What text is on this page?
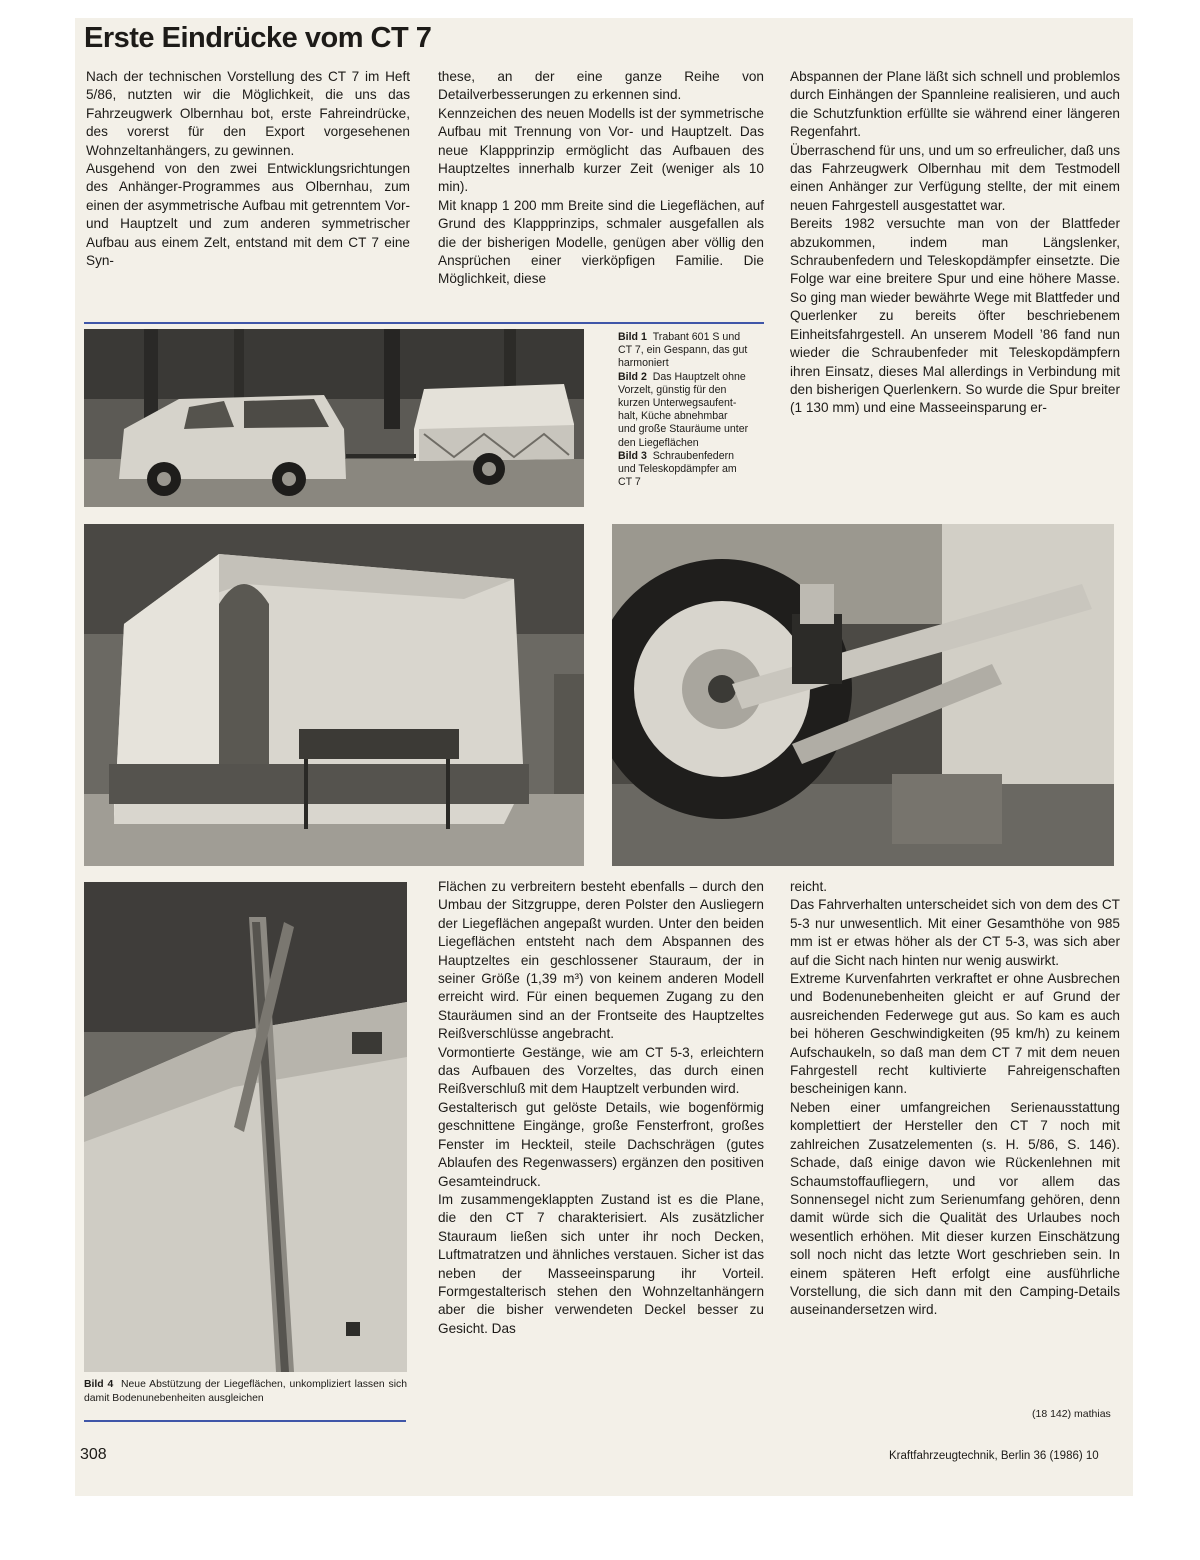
Erste Eindrücke vom CT 7

Nach der technischen Vorstellung des CT 7 im Heft 5/86, nutzten wir die Möglichkeit, die uns das Fahrzeugwerk Olbernhau bot, erste Fahreindrücke, des vorerst für den Export vorgesehenen Wohnzeltanhängers, zu gewinnen.

Ausgehend von den zwei Entwicklungsrichtungen des Anhänger-Programmes aus Olbernhau, zum einen der asymmetrische Aufbau mit getrenntem Vor- und Hauptzelt und zum anderen symmetrischer Aufbau aus einem Zelt, entstand mit dem CT 7 eine Syn-

these, an der eine ganze Reihe von Detailverbesserungen zu erkennen sind.

Kennzeichen des neuen Modells ist der symmetrische Aufbau mit Trennung von Vor- und Hauptzelt. Das neue Klappprinzip ermöglicht das Aufbauen des Hauptzeltes innerhalb kurzer Zeit (weniger als 10 min).

Mit knapp 1 200 mm Breite sind die Liegeflächen, auf Grund des Klappprinzips, schmaler ausgefallen als die der bisherigen Modelle, genügen aber völlig den Ansprüchen einer vierköpfigen Familie. Die Möglichkeit, diese

Abspannen der Plane läßt sich schnell und problemlos durch Einhängen der Spannleine realisieren, und auch die Schutzfunktion erfüllte sie während einer längeren Regenfahrt.

Überraschend für uns, und um so erfreulicher, daß uns das Fahrzeugwerk Olbernhau mit dem Testmodell einen Anhänger zur Verfügung stellte, der mit einem neuen Fahrgestell ausgestattet war.

Bereits 1982 versuchte man von der Blattfeder abzukommen, indem man Längslenker, Schraubenfedern und Teleskopdämpfer einsetzte. Die Folge war eine breitere Spur und eine höhere Masse. So ging man wieder bewährte Wege mit Blattfeder und Querlenker zu bereits öfter beschriebenem Einheitsfahrgestell. An unserem Modell ’86 fand nun wieder die Schraubenfeder mit Teleskopdämpfern ihren Einsatz, dieses Mal allerdings in Verbindung mit den bisherigen Querlenkern. So wurde die Spur breiter (1 130 mm) und eine Masseeinsparung er-

Bild 1 Trabant 601 S und
CT 7, ein Gespann, das gut
harmoniert
Bild 2 Das Hauptzelt ohne
Vorzelt, günstig für den
kurzen Unterwegsaufent-
halt, Küche abnehmbar
und große Stauräume unter
den Liegeflächen
Bild 3 Schraubenfedern
und Teleskopdämpfer am
CT 7
Bild 4 Neue Abstützung der Liegeflächen, unkompliziert lassen sich damit Bodenunebenheiten ausgleichen

Flächen zu verbreitern besteht ebenfalls – durch den Umbau der Sitzgruppe, deren Polster den Ausliegern der Liegeflächen angepaßt wurden. Unter den beiden Liegeflächen entsteht nach dem Abspannen des Hauptzeltes ein geschlossener Stauraum, der in seiner Größe (1,39 m³) von keinem anderen Modell erreicht wird. Für einen bequemen Zugang zu den Stauräumen sind an der Frontseite des Hauptzeltes Reißverschlüsse angebracht.

Vormontierte Gestänge, wie am CT 5-3, erleichtern das Aufbauen des Vorzeltes, das durch einen Reißverschluß mit dem Hauptzelt verbunden wird.

Gestalterisch gut gelöste Details, wie bogenförmig geschnittene Eingänge, große Fensterfront, großes Fenster im Heckteil, steile Dachschrägen (gutes Ablaufen des Regenwassers) ergänzen den positiven Gesamteindruck.

Im zusammengeklappten Zustand ist es die Plane, die den CT 7 charakterisiert. Als zusätzlicher Stauraum ließen sich unter ihr noch Decken, Luftmatratzen und ähnliches verstauen. Sicher ist das neben der Masseeinsparung ihr Vorteil. Formgestalterisch stehen den Wohnzeltanhängern aber die bisher verwendeten Deckel besser zu Gesicht. Das

reicht.

Das Fahrverhalten unterscheidet sich von dem des CT 5-3 nur unwesentlich. Mit einer Gesamthöhe von 985 mm ist er etwas höher als der CT 5-3, was sich aber auf die Sicht nach hinten nur wenig auswirkt.

Extreme Kurvenfahrten verkraftet er ohne Ausbrechen und Bodenunebenheiten gleicht er auf Grund der ausreichenden Federwege gut aus. So kam es auch bei höheren Geschwindigkeiten (95 km/h) zu keinem Aufschaukeln, so daß man dem CT 7 mit dem neuen Fahrgestell recht kultivierte Fahreigenschaften bescheinigen kann.

Neben einer umfangreichen Serienausstattung komplettiert der Hersteller den CT 7 noch mit zahlreichen Zusatzelementen (s. H. 5/86, S. 146). Schade, daß einige davon wie Rückenlehnen mit Schaumstoffaufliegern, und vor allem das Sonnensegel nicht zum Serienumfang gehören, denn damit würde sich die Qualität des Urlaubes noch wesentlich erhöhen. Mit dieser kurzen Einschätzung soll noch nicht das letzte Wort geschrieben sein. In einem späteren Heft erfolgt eine ausführliche Vorstellung, die sich dann mit den Camping-Details auseinandersetzen wird.

(18 142) mathias
308	Kraftfahrzeugtechnik, Berlin 36 (1986) 10
